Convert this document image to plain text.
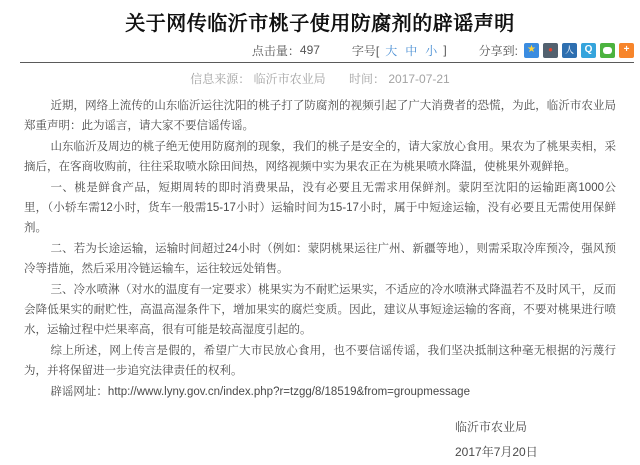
关于网传临沂市桃子使用防腐剂的辟谣声明
点击量： 497	字号[ 大 中 小 ]	分享到: ★	●	人	Q	+
信息来源： 临沂市农业局 时间： 2017-07-21

近期，网络上流传的山东临沂运往沈阳的桃子打了防腐剂的视频引起了广大消费者的恐慌，为此，临沂市农业局郑重声明：此为谣言，请大家不要信谣传谣。

山东临沂及周边的桃子绝无使用防腐剂的现象，我们的桃子是安全的，请大家放心食用。果农为了桃果卖相，采摘后，在客商收购前，往往采取喷水除田间热，网络视频中实为果农正在为桃果喷水降温，使桃果外观鲜艳。

一、桃是鲜食产品，短期周转的即时消费果品，没有必要且无需求用保鲜剂。蒙阴至沈阳的运输距离1000公里，（小轿车需12小时，货车一般需15-17小时）运输时间为15-17小时，属于中短途运输，没有必要且无需使用保鲜剂。

二、若为长途运输，运输时间超过24小时（例如：蒙阴桃果运往广州、新疆等地），则需采取冷库预冷，强风预冷等措施，然后采用冷链运输车，运往较远处销售。

三、冷水喷淋（对水的温度有一定要求）桃果实为不耐贮运果实，不适应的冷水喷淋式降温若不及时风干，反而会降低果实的耐贮性，高温高湿条件下，增加果实的腐烂变质。因此，建议从事短途运输的客商，不要对桃果进行喷水，运输过程中烂果率高，很有可能是较高湿度引起的。

综上所述，网上传言是假的，希望广大市民放心食用，也不要信谣传谣，我们坚决抵制这种毫无根据的污蔑行为，并将保留进一步追究法律责任的权利。

辟谣网址：http://www.lyny.gov.cn/index.php?r=tzgg/8/18519&from=groupmessage

临沂市农业局
2017年7月20日
